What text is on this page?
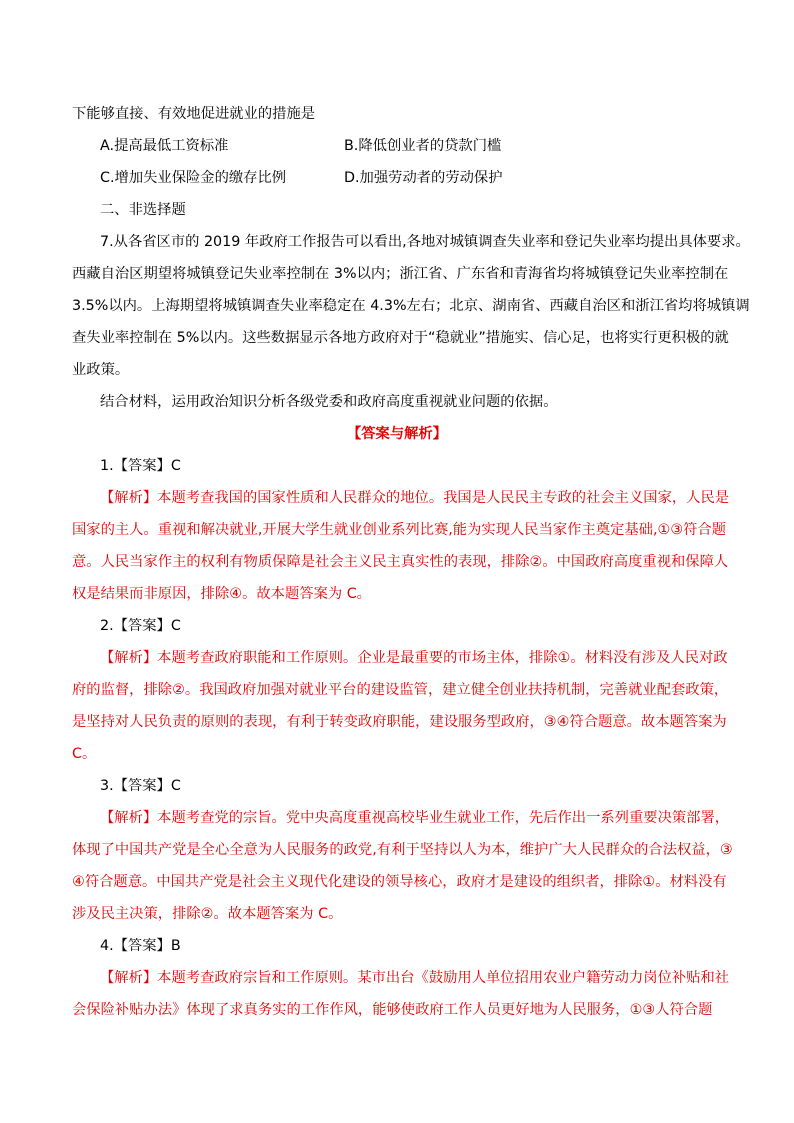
下能够直接、有效地促进就业的措施是
A.提高最低工资标准	B.降低创业者的贷款门槛
C.增加失业保险金的缴存比例	D.加强劳动者的劳动保护
二、非选择题
7.从各省区市的 2019 年政府工作报告可以看出,各地对城镇调查失业率和登记失业率均提出具体要求。
西藏自治区期望将城镇登记失业率控制在 3%以内；浙江省、广东省和青海省均将城镇登记失业率控制在
3.5%以内。上海期望将城镇调查失业率稳定在 4.3%左右；北京、湖南省、西藏自治区和浙江省均将城镇调
查失业率控制在 5%以内。这些数据显示各地方政府对于“稳就业”措施实、信心足，也将实行更积极的就
业政策。
结合材料，运用政治知识分析各级党委和政府高度重视就业问题的依据。
【答案与解析】
1.【答案】C
【解析】本题考查我国的国家性质和人民群众的地位。我国是人民民主专政的社会主义国家，人民是
国家的主人。重视和解决就业,开展大学生就业创业系列比赛,能为实现人民当家作主奠定基础,①③符合题
意。人民当家作主的权利有物质保障是社会主义民主真实性的表现，排除②。中国政府高度重视和保障人
权是结果而非原因，排除④。故本题答案为 C。
2.【答案】C
【解析】本题考查政府职能和工作原则。企业是最重要的市场主体，排除①。材料没有涉及人民对政
府的监督，排除②。我国政府加强对就业平台的建设监管，建立健全创业扶持机制，完善就业配套政策，
是坚持对人民负责的原则的表现，有利于转变政府职能，建设服务型政府，③④符合题意。故本题答案为
C。
3.【答案】C
【解析】本题考查党的宗旨。党中央高度重视高校毕业生就业工作，先后作出一系列重要决策部署，
体现了中国共产党是全心全意为人民服务的政党,有利于坚持以人为本，维护广大人民群众的合法权益，③
④符合题意。中国共产党是社会主义现代化建设的领导核心，政府才是建设的组织者，排除①。材料没有
涉及民主决策，排除②。故本题答案为 C。
4.【答案】B
【解析】本题考查政府宗旨和工作原则。某市出台《鼓励用人单位招用农业户籍劳动力岗位补贴和社
会保险补贴办法》体现了求真务实的工作作风，能够使政府工作人员更好地为人民服务，①③人符合题
